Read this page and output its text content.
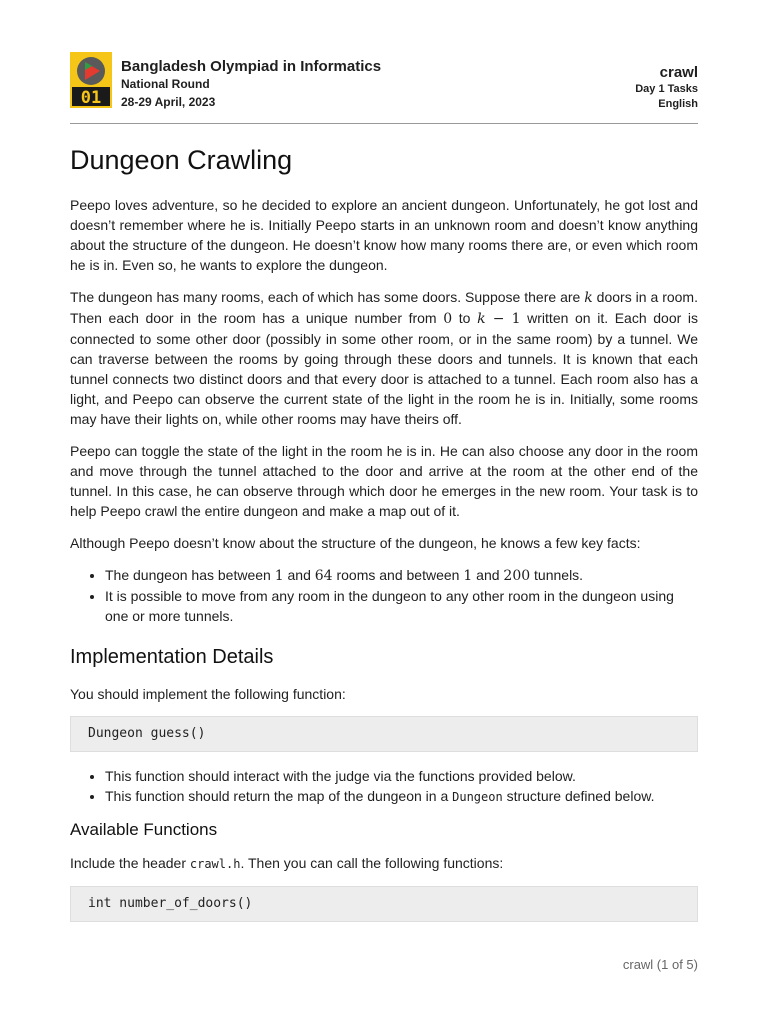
01
Bangladesh Olympiad in Informatics
National Round
28-29 April, 2023
crawl
Day 1 Tasks
English
Dungeon Crawling

Peepo loves adventure, so he decided to explore an ancient dungeon. Unfortunately, he got lost and doesn’t remember where he is. Initially Peepo starts in an unknown room and doesn’t know anything about the structure of the dungeon. He doesn’t know how many rooms there are, or even which room he is in. Even so, he wants to explore the dungeon.

The dungeon has many rooms, each of which has some doors. Suppose there are k doors in a room. Then each door in the room has a unique number from 0 to k − 1 written on it. Each door is connected to some other door (possibly in some other room, or in the same room) by a tunnel. We can traverse between the rooms by going through these doors and tunnels. It is known that each tunnel connects two distinct doors and that every door is attached to a tunnel. Each room also has a light, and Peepo can observe the current state of the light in the room he is in. Initially, some rooms may have their lights on, while other rooms may have theirs off.

Peepo can toggle the state of the light in the room he is in. He can also choose any door in the room and move through the tunnel attached to the door and arrive at the room at the other end of the tunnel. In this case, he can observe through which door he emerges in the new room. Your task is to help Peepo crawl the entire dungeon and make a map out of it.

Although Peepo doesn’t know about the structure of the dungeon, he knows a few key facts:

• The dungeon has between 1 and 64 rooms and between 1 and 200 tunnels.
• It is possible to move from any room in the dungeon to any other room in the dungeon using one or more tunnels.
Implementation Details

You should implement the following function:

Dungeon guess()
• This function should interact with the judge via the functions provided below.
• This function should return the map of the dungeon in a Dungeon structure defined below.
Available Functions

Include the header crawl.h. Then you can call the following functions:

int number_of_doors()
crawl (1 of 5)
